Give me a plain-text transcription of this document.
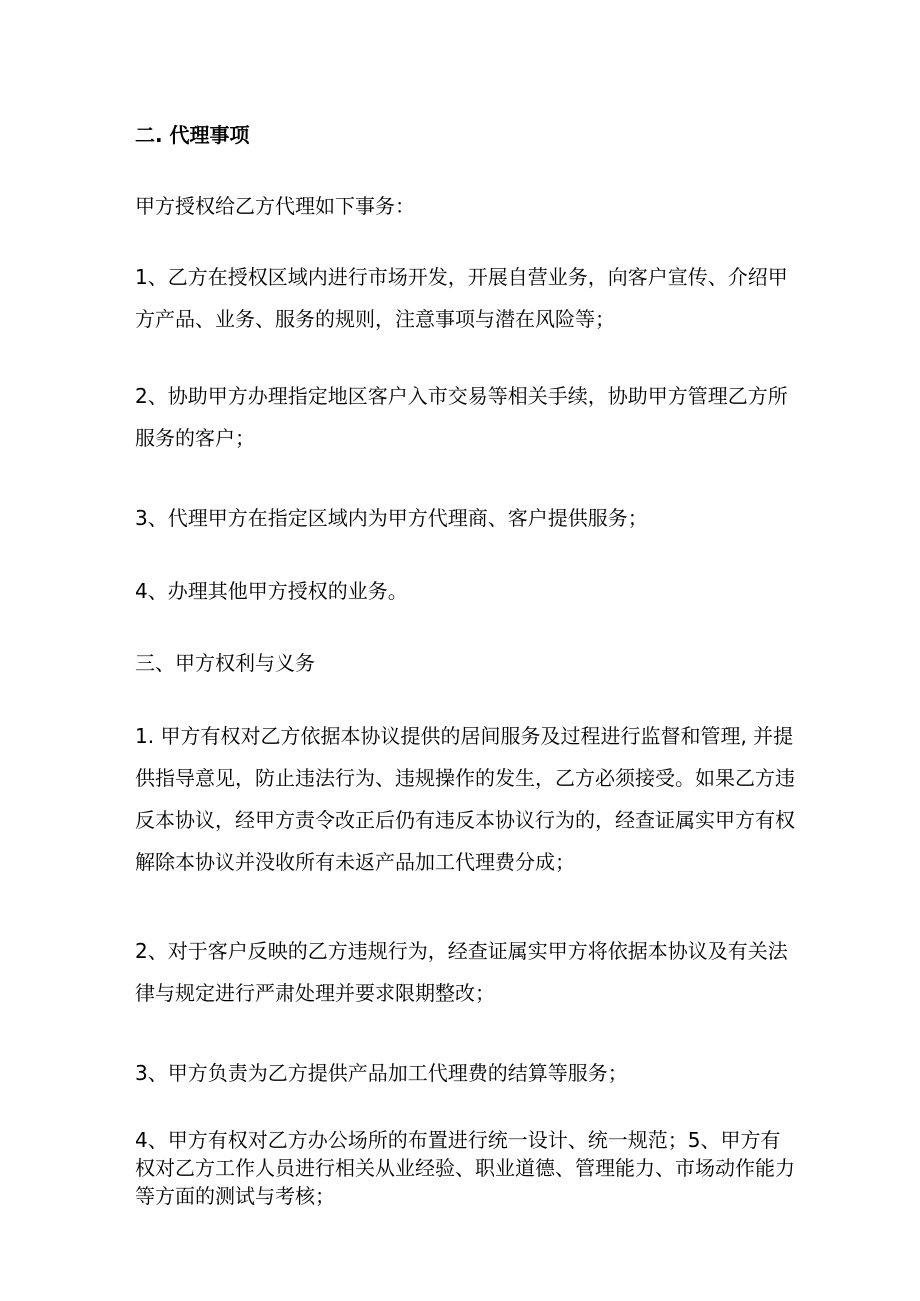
二. 代理事项

甲方授权给乙方代理如下事务：

1、乙方在授权区域内进行市场开发，开展自营业务，向客户宣传、介绍甲
方产品、业务、服务的规则，注意事项与潜在风险等；

2、协助甲方办理指定地区客户入市交易等相关手续，协助甲方管理乙方所
服务的客户；

3、代理甲方在指定区域内为甲方代理商、客户提供服务；

4、办理其他甲方授权的业务。

三、甲方权利与义务

1. 甲方有权对乙方依据本协议提供的居间服务及过程进行监督和管理, 并提
供指导意见，防止违法行为、违规操作的发生，乙方必须接受。如果乙方违
反本协议，经甲方责令改正后仍有违反本协议行为的，经查证属实甲方有权
解除本协议并没收所有未返产品加工代理费分成；

2、对于客户反映的乙方违规行为，经查证属实甲方将依据本协议及有关法
律与规定进行严肃处理并要求限期整改；

3、甲方负责为乙方提供产品加工代理费的结算等服务；

4、甲方有权对乙方办公场所的布置进行统一设计、统一规范；5、甲方有
权对乙方工作人员进行相关从业经验、职业道德、管理能力、市场动作能力
等方面的测试与考核；
